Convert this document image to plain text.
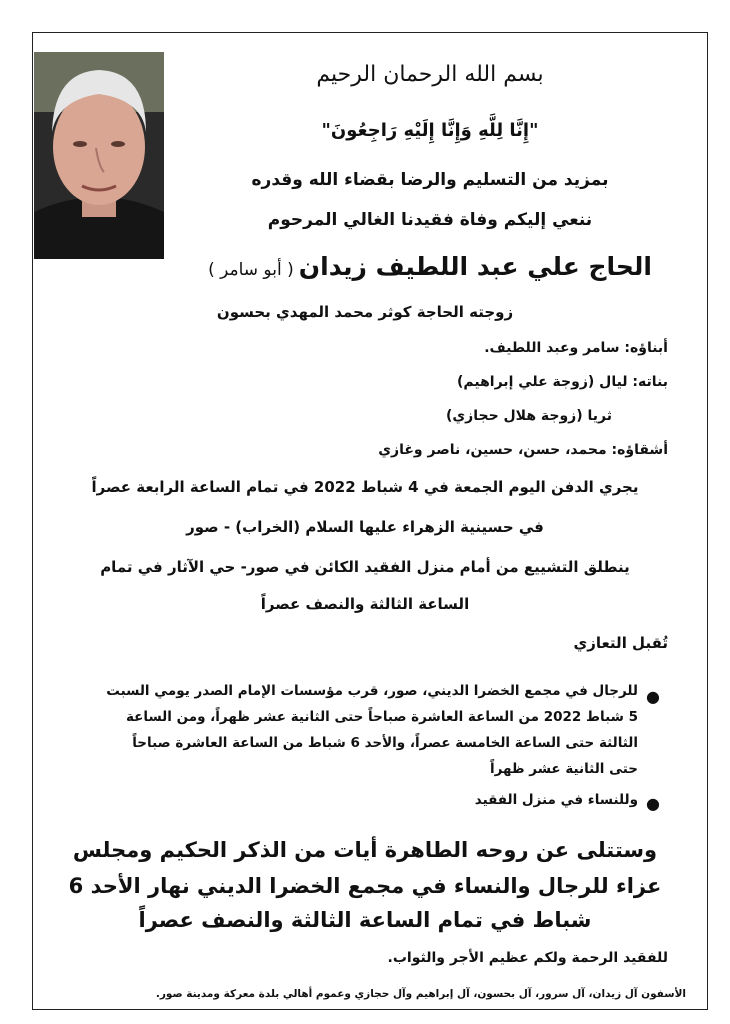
بسم الله الرحمان الرحيم
"إِنَّا لِلَّهِ وَإِنَّا إِلَيْهِ رَاجِعُونَ"
بمزيد من التسليم والرضا بقضاء الله وقدره
ننعي إليكم وفاة فقيدنا الغالي المرحوم
الحاج علي عبد اللطيف زيدان ( أبو سامر )
زوجته الحاجة كوثر محمد المهدي بحسون
أبناؤه: سامر وعبد اللطيف.
بناته: ليال (زوجة علي إبراهيم)
ثريا (زوجة هلال حجازي)
أشقاؤه: محمد، حسن، حسين، ناصر وغازي
يجري الدفن اليوم الجمعة في 4 شباط 2022 في تمام الساعة الرابعة عصراً
في حسينية الزهراء عليها السلام (الخراب) - صور
ينطلق التشييع من أمام منزل الفقيد الكائن في صور- حي الآثار في تمام
الساعة الثالثة والنصف عصراً
تُقبل التعازي
●
للرجال في مجمع الخضرا الديني، صور، قرب مؤسسات الإمام الصدر يومي السبت
5 شباط 2022 من الساعة العاشرة صباحاً حتى الثانية عشر ظهراً، ومن الساعة
الثالثة حتى الساعة الخامسة عصراً، والأحد 6 شباط من الساعة العاشرة صباحاً
حتى الثانية عشر ظهراً
●
وللنساء في منزل الفقيد
وستتلى عن روحه الطاهرة أيات من الذكر الحكيم ومجلس
عزاء للرجال والنساء في مجمع الخضرا الديني نهار الأحد 6
شباط في تمام الساعة الثالثة والنصف عصراً
للفقيد الرحمة ولكم عظيم الأجر والثواب.
الأسفون آل زيدان، آل سرور، آل بحسون، آل إبراهيم وآل حجازي وعموم أهالي بلدة معركة ومدينة صور.
